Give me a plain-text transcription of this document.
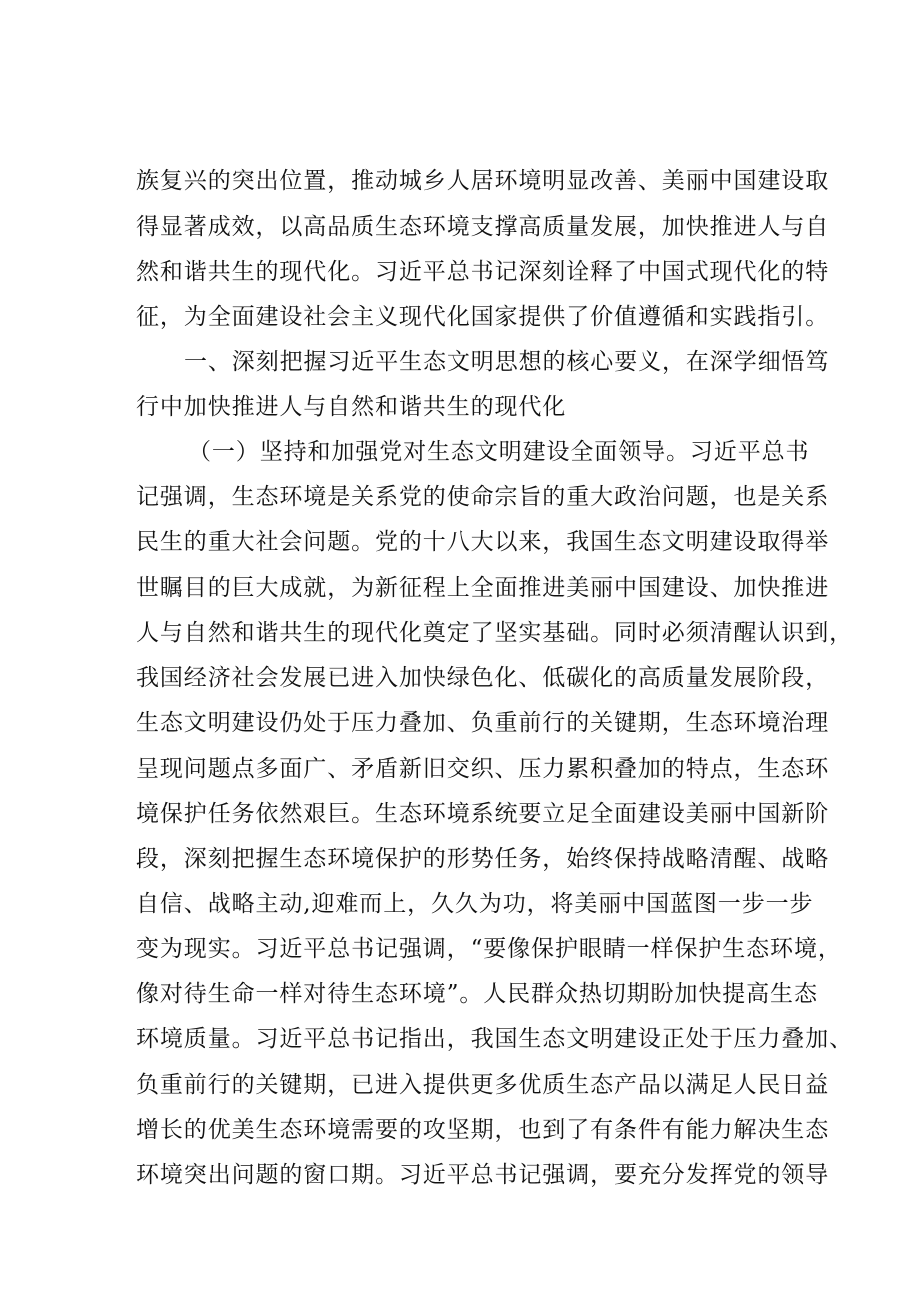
族复兴的突出位置，推动城乡人居环境明显改善、美丽中国建设取
得显著成效，以高品质生态环境支撑高质量发展，加快推进人与自
然和谐共生的现代化。习近平总书记深刻诠释了中国式现代化的特
征，为全面建设社会主义现代化国家提供了价值遵循和实践指引。
一、深刻把握习近平生态文明思想的核心要义，在深学细悟笃
行中加快推进人与自然和谐共生的现代化
（一）坚持和加强党对生态文明建设全面领导。习近平总书
记强调，生态环境是关系党的使命宗旨的重大政治问题，也是关系
民生的重大社会问题。党的十八大以来，我国生态文明建设取得举
世瞩目的巨大成就，为新征程上全面推进美丽中国建设、加快推进
人与自然和谐共生的现代化奠定了坚实基础。同时必须清醒认识到，
我国经济社会发展已进入加快绿色化、低碳化的高质量发展阶段，
生态文明建设仍处于压力叠加、负重前行的关键期，生态环境治理
呈现问题点多面广、矛盾新旧交织、压力累积叠加的特点，生态环
境保护任务依然艰巨。生态环境系统要立足全面建设美丽中国新阶
段，深刻把握生态环境保护的形势任务，始终保持战略清醒、战略
自信、战略主动,迎难而上，久久为功，将美丽中国蓝图一步一步
变为现实。习近平总书记强调，“要像保护眼睛一样保护生态环境，
像对待生命一样对待生态环境”。人民群众热切期盼加快提高生态
环境质量。习近平总书记指出，我国生态文明建设正处于压力叠加、
负重前行的关键期，已进入提供更多优质生态产品以满足人民日益
增长的优美生态环境需要的攻坚期，也到了有条件有能力解决生态
环境突出问题的窗口期。习近平总书记强调，要充分发挥党的领导
